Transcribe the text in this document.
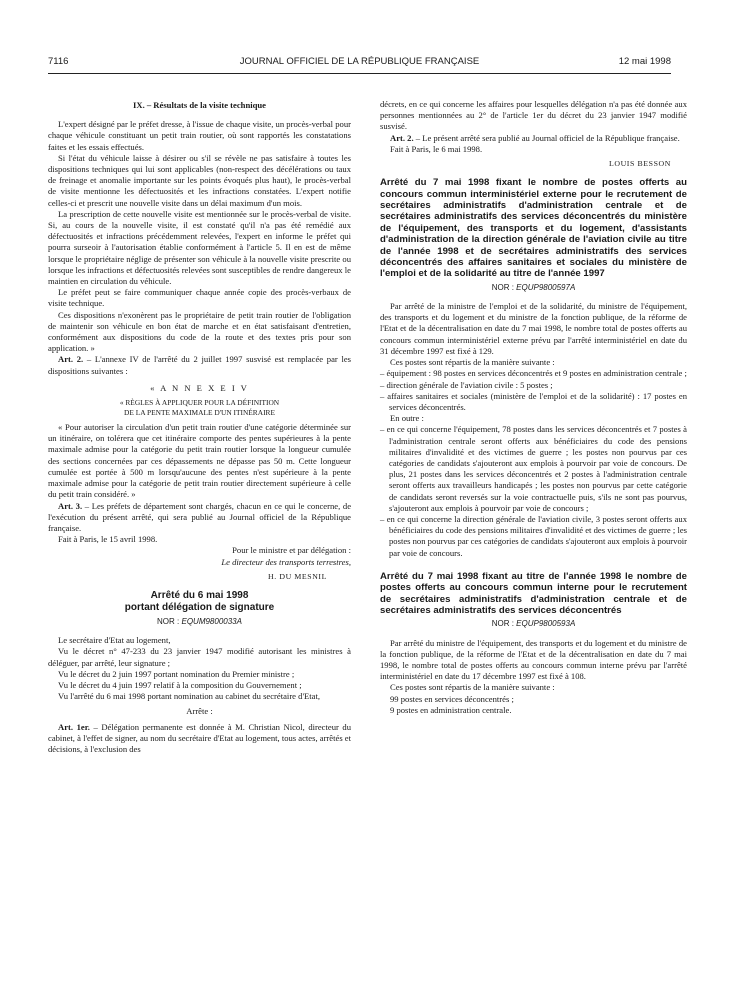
7116	JOURNAL OFFICIEL DE LA RÉPUBLIQUE FRANÇAISE	12 mai 1998
IX. – Résultats de la visite technique

L'expert désigné par le préfet dresse, à l'issue de chaque visite, un procès-verbal pour chaque véhicule constituant un petit train routier, où sont rapportés les constatations faites et les essais effectués.

Si l'état du véhicule laisse à désirer ou s'il se révèle ne pas satisfaire à toutes les dispositions techniques qui lui sont applicables (non-respect des décélérations ou taux de freinage et anomalie importante sur les points évoqués plus haut), le procès-verbal de visite mentionne les défectuosités et les infractions constatées. L'expert notifie celles-ci et prescrit une nouvelle visite dans un délai maximum d'un mois.

La prescription de cette nouvelle visite est mentionnée sur le procès-verbal de visite. Si, au cours de la nouvelle visite, il est constaté qu'il n'a pas été remédié aux défectuosités et infractions précédemment relevées, l'expert en informe le préfet qui pourra surseoir à l'autorisation établie conformément à l'article 5. Il en est de même lorsque le propriétaire néglige de présenter son véhicule à la nouvelle visite prescrite ou lorsque les infractions et défectuosités relevées sont susceptibles de rendre dangereux le maintien en circulation du véhicule.

Le préfet peut se faire communiquer chaque année copie des procès-verbaux de visite technique.

Ces dispositions n'exonèrent pas le propriétaire de petit train routier de l'obligation de maintenir son véhicule en bon état de marche et en état satisfaisant d'entretien, conformément aux dispositions du code de la route et des textes pris pour son application. »

Art. 2. – L'annexe IV de l'arrêté du 2 juillet 1997 susvisé est remplacée par les dispositions suivantes :

« A N N E X E I V
« RÈGLES À APPLIQUER POUR LA DÉFINITION
DE LA PENTE MAXIMALE D'UN ITINÉRAIRE

« Pour autoriser la circulation d'un petit train routier d'une catégorie déterminée sur un itinéraire, on tolérera que cet itinéraire comporte des pentes supérieures à la pente maximale admise pour la catégorie du petit train routier lorsque la longueur cumulée des sections concernées par ces dépassements ne dépasse pas 50 m. Cette longueur cumulée est portée à 500 m lorsqu'aucune des pentes n'est supérieure à la pente maximale admise pour la catégorie de petit train routier directement supérieure à celle du petit train considéré. »

Art. 3. – Les préfets de département sont chargés, chacun en ce qui le concerne, de l'exécution du présent arrêté, qui sera publié au Journal officiel de la République française.

Fait à Paris, le 15 avril 1998.

Pour le ministre et par délégation :
Le directeur des transports terrestres,
H. DU MESNIL
Arrêté du 6 mai 1998
portant délégation de signature
NOR : EQUM9800033A

Le secrétaire d'Etat au logement,

Vu le décret n° 47-233 du 23 janvier 1947 modifié autorisant les ministres à déléguer, par arrêté, leur signature ;

Vu le décret du 2 juin 1997 portant nomination du Premier ministre ;

Vu le décret du 4 juin 1997 relatif à la composition du Gouvernement ;

Vu l'arrêté du 6 mai 1998 portant nomination au cabinet du secrétaire d'Etat,

Arrête :

Art. 1er. – Délégation permanente est donnée à M. Christian Nicol, directeur du cabinet, à l'effet de signer, au nom du secrétaire d'Etat au logement, tous actes, arrêtés et décisions, à l'exclusion des

décrets, en ce qui concerne les affaires pour lesquelles délégation n'a pas été donnée aux personnes mentionnées au 2° de l'article 1er du décret du 23 janvier 1947 modifié susvisé.

Art. 2. – Le présent arrêté sera publié au Journal officiel de la République française.

Fait à Paris, le 6 mai 1998.

LOUIS BESSON
Arrêté du 7 mai 1998 fixant le nombre de postes offerts au concours commun interministériel externe pour le recrutement de secrétaires administratifs d'administration centrale et de secrétaires administratifs des services déconcentrés du ministère de l'équipement, des transports et du logement, d'assistants d'administration de la direction générale de l'aviation civile au titre de l'année 1998 et de secrétaires administratifs des services déconcentrés des affaires sanitaires et sociales du ministère de l'emploi et de la solidarité au titre de l'année 1997
NOR : EQUP9800597A

Par arrêté de la ministre de l'emploi et de la solidarité, du ministre de l'équipement, des transports et du logement et du ministre de la fonction publique, de la réforme de l'Etat et de la décentralisation en date du 7 mai 1998, le nombre total de postes offerts au concours commun interministériel externe prévu par l'arrêté interministériel en date du 31 décembre 1997 est fixé à 129.

Ces postes sont répartis de la manière suivante :

– équipement : 98 postes en services déconcentrés et 9 postes en administration centrale ;
– direction générale de l'aviation civile : 5 postes ;
– affaires sanitaires et sociales (ministère de l'emploi et de la solidarité) : 17 postes en services déconcentrés.

En outre :

– en ce qui concerne l'équipement, 78 postes dans les services déconcentrés et 7 postes à l'administration centrale seront offerts aux bénéficiaires du code des pensions militaires d'invalidité et des victimes de guerre ; les postes non pourvus par ces catégories de candidats s'ajouteront aux emplois à pourvoir par voie de concours. De plus, 21 postes dans les services déconcentrés et 2 postes à l'administration centrale seront offerts aux travailleurs handicapés ; les postes non pourvus par cette catégorie de candidats seront reversés sur la voie contractuelle puis, s'ils ne sont pas pourvus, s'ajouteront aux emplois à pourvoir par voie de concours ;
– en ce qui concerne la direction générale de l'aviation civile, 3 postes seront offerts aux bénéficiaires du code des pensions militaires d'invalidité et des victimes de guerre ; les postes non pourvus par ces catégories de candidats s'ajouteront aux emplois à pourvoir par voie de concours.
Arrêté du 7 mai 1998 fixant au titre de l'année 1998 le nombre de postes offerts au concours commun interne pour le recrutement de secrétaires administratifs d'administration centrale et de secrétaires administratifs des services déconcentrés
NOR : EQUP9800593A

Par arrêté du ministre de l'équipement, des transports et du logement et du ministre de la fonction publique, de la réforme de l'Etat et de la décentralisation en date du 7 mai 1998, le nombre total de postes offerts au concours commun interne prévu par l'arrêté interministériel en date du 17 décembre 1997 est fixé à 108.

Ces postes sont répartis de la manière suivante :

99 postes en services déconcentrés ;

9 postes en administration centrale.
